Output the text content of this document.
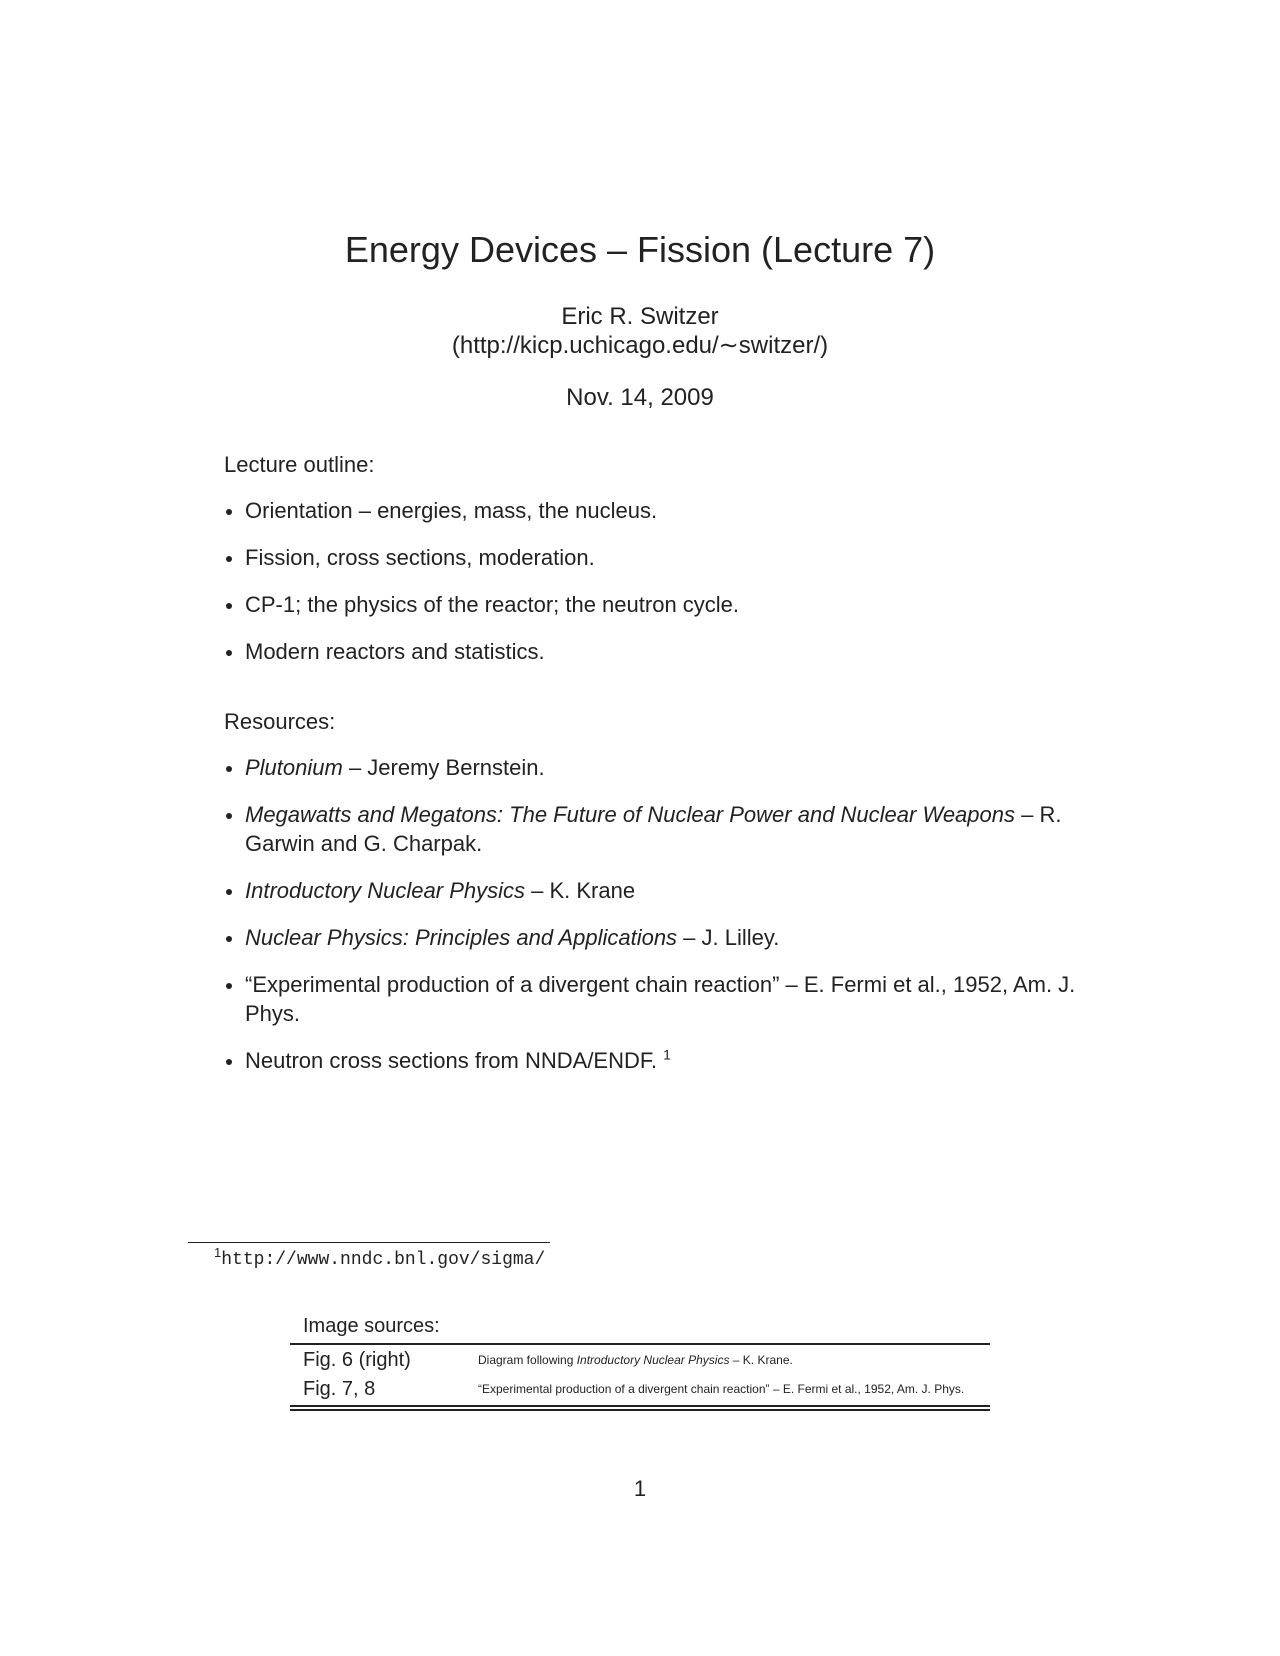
Energy Devices – Fission (Lecture 7)
Eric R. Switzer
(http://kicp.uchicago.edu/∼switzer/)
Nov. 14, 2009
Lecture outline:
Orientation – energies, mass, the nucleus.
Fission, cross sections, moderation.
CP-1; the physics of the reactor; the neutron cycle.
Modern reactors and statistics.
Resources:
Plutonium – Jeremy Bernstein.
Megawatts and Megatons: The Future of Nuclear Power and Nuclear Weapons – R. Garwin and G. Charpak.
Introductory Nuclear Physics – K. Krane
Nuclear Physics: Principles and Applications – J. Lilley.
“Experimental production of a divergent chain reaction” – E. Fermi et al., 1952, Am. J. Phys.
Neutron cross sections from NNDA/ENDF. $^1$
$^1$http://www.nndc.bnl.gov/sigma/
Image sources:
Fig. 6 (right)	Diagram following Introductory Nuclear Physics – K. Krane.
Fig. 7, 8	“Experimental production of a divergent chain reaction” – E. Fermi et al., 1952, Am. J. Phys.
1
